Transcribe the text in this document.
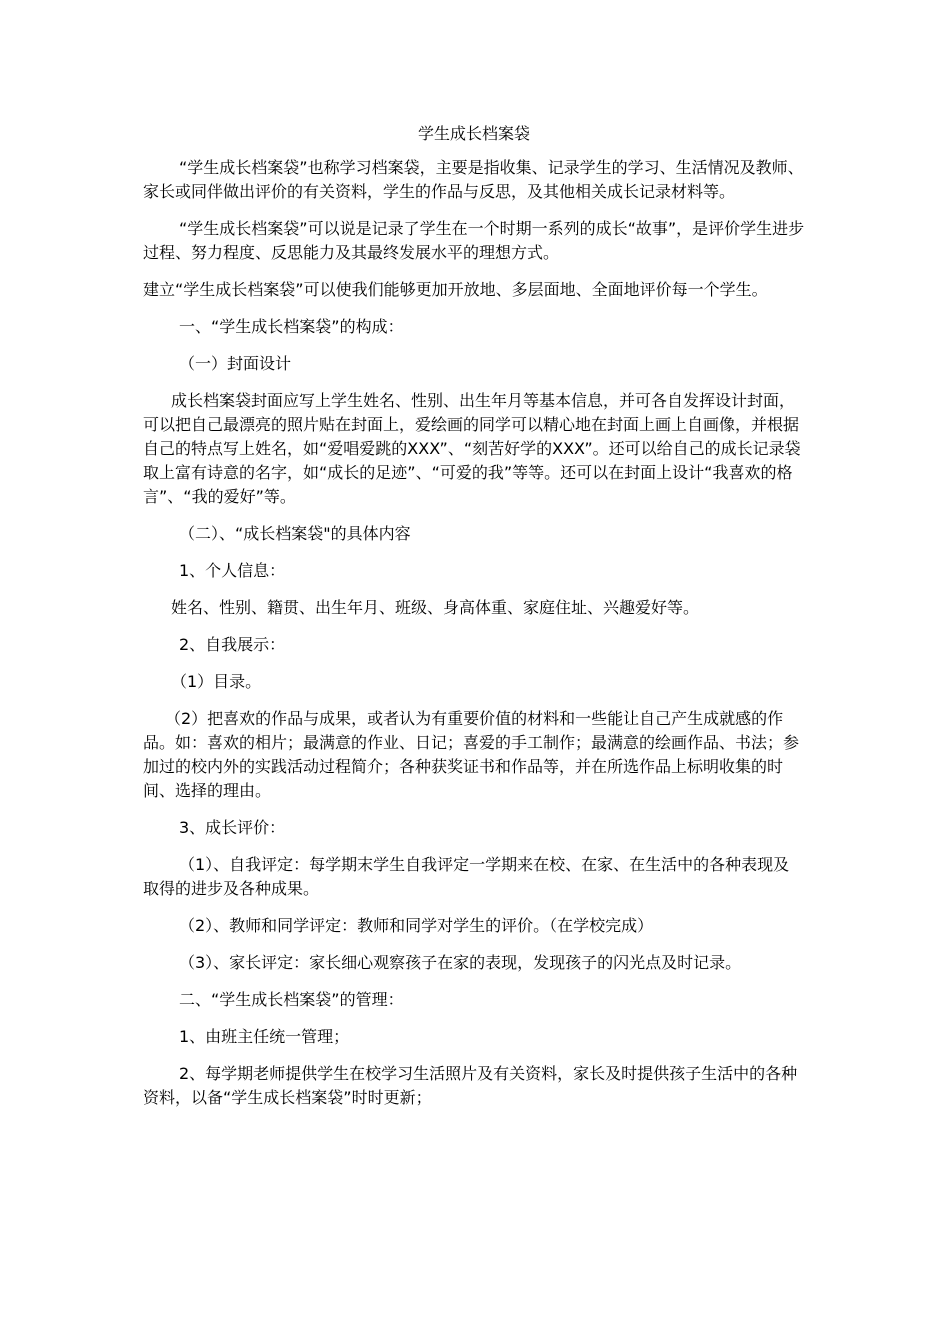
学生成长档案袋
“学生成长档案袋”也称学习档案袋，主要是指收集、记录学生的学习、生活情况及教师、家长或同伴做出评价的有关资料，学生的作品与反思，及其他相关成长记录材料等。
“学生成长档案袋”可以说是记录了学生在一个时期一系列的成长“故事”，是评价学生进步过程、努力程度、反思能力及其最终发展水平的理想方式。
建立“学生成长档案袋”可以使我们能够更加开放地、多层面地、全面地评价每一个学生。
一、“学生成长档案袋”的构成：
（一）封面设计
成长档案袋封面应写上学生姓名、性别、出生年月等基本信息，并可各自发挥设计封面，可以把自己最漂亮的照片贴在封面上，爱绘画的同学可以精心地在封面上画上自画像，并根据自己的特点写上姓名，如“爱唱爱跳的XXX”、“刻苦好学的XXX”。还可以给自己的成长记录袋取上富有诗意的名字，如“成长的足迹”、“可爱的我”等等。还可以在封面上设计“我喜欢的格言”、“我的爱好”等。
（二）、“成长档案袋"的具体内容
1、个人信息：
姓名、性别、籍贯、出生年月、班级、身高体重、家庭住址、兴趣爱好等。
2、自我展示：
（1）目录。
（2）把喜欢的作品与成果，或者认为有重要价值的材料和一些能让自己产生成就感的作品。如：喜欢的相片；最满意的作业、日记；喜爱的手工制作；最满意的绘画作品、书法；参加过的校内外的实践活动过程简介；各种获奖证书和作品等，并在所选作品上标明收集的时间、选择的理由。
3、成长评价：
（1）、自我评定：每学期末学生自我评定一学期来在校、在家、在生活中的各种表现及取得的进步及各种成果。
（2）、教师和同学评定：教师和同学对学生的评价。（在学校完成）
（3）、家长评定：家长细心观察孩子在家的表现，发现孩子的闪光点及时记录。
二、“学生成长档案袋”的管理：
1、由班主任统一管理；
2、每学期老师提供学生在校学习生活照片及有关资料，家长及时提供孩子生活中的各种资料，以备“学生成长档案袋”时时更新；
